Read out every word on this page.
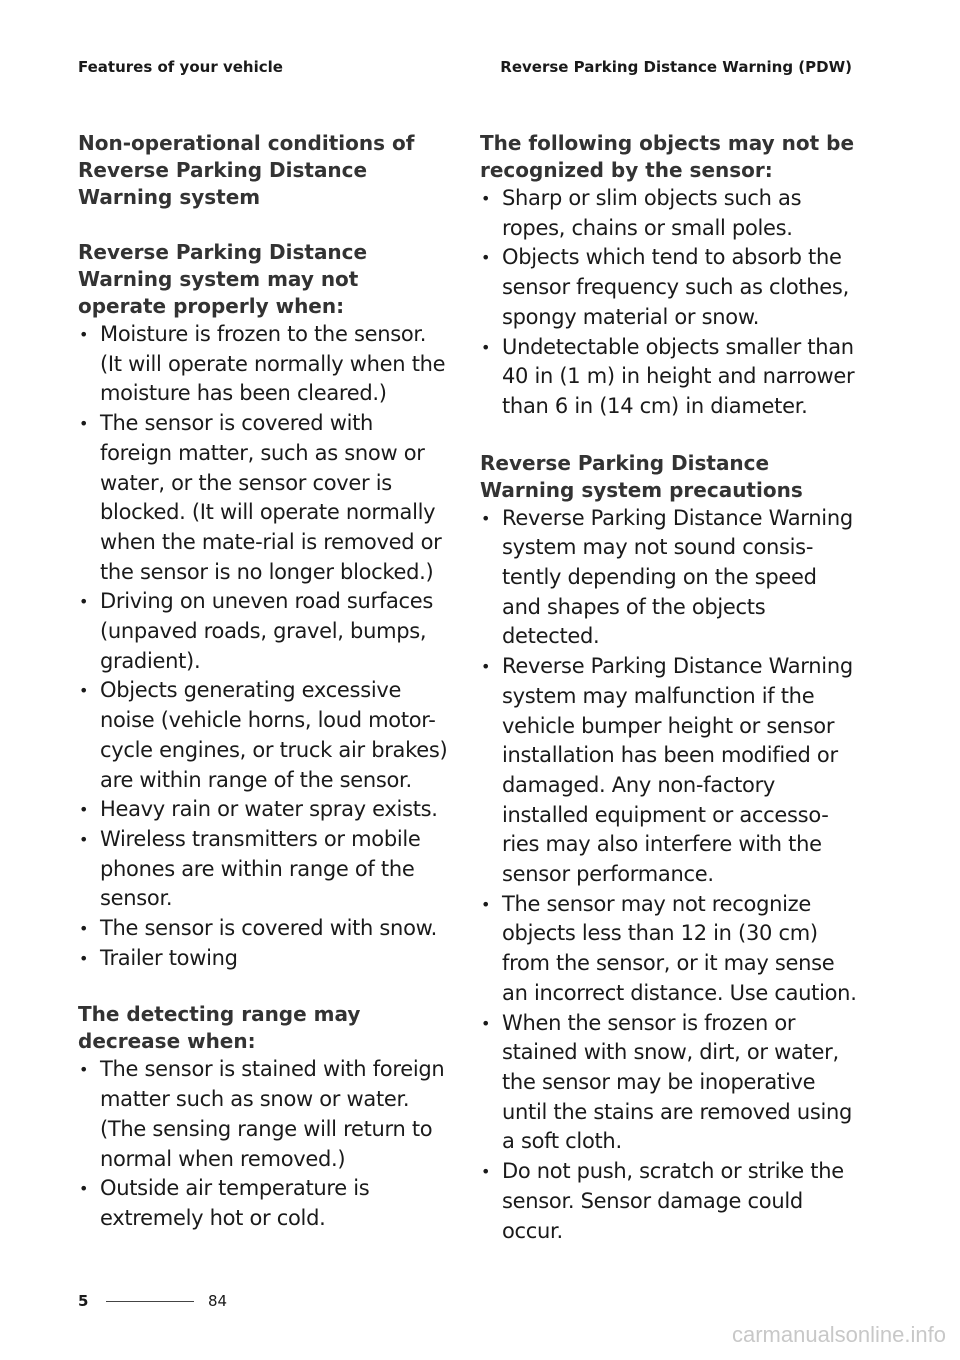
Features of your vehicle	Reverse Parking Distance Warning (PDW)
Non-operational conditions of Reverse Parking Distance Warning system
Reverse Parking Distance Warning system may not operate properly when:
• Moisture is frozen to the sensor. (It will operate normally when the moisture has been cleared.)
• The sensor is covered with foreign matter, such as snow or water, or the sensor cover is blocked. (It will operate normally when the mate-rial is removed or the sensor is no longer blocked.)
• Driving on uneven road surfaces (unpaved roads, gravel, bumps, gradient).
• Objects generating excessive noise (vehicle horns, loud motor-cycle engines, or truck air brakes) are within range of the sensor.
• Heavy rain or water spray exists.
• Wireless transmitters or mobile phones are within range of the sensor.
• The sensor is covered with snow.
• Trailer towing
The detecting range may decrease when:
• The sensor is stained with foreign matter such as snow or water. (The sensing range will return to normal when removed.)
• Outside air temperature is extremely hot or cold.
The following objects may not be recognized by the sensor:
• Sharp or slim objects such as ropes, chains or small poles.
• Objects which tend to absorb the sensor frequency such as clothes, spongy material or snow.
• Undetectable objects smaller than 40 in (1 m) in height and narrower than 6 in (14 cm) in diameter.
Reverse Parking Distance Warning system precautions
• Reverse Parking Distance Warning system may not sound consis-tently depending on the speed and shapes of the objects detected.
• Reverse Parking Distance Warning system may malfunction if the vehicle bumper height or sensor installation has been modified or damaged. Any non-factory installed equipment or accesso-ries may also interfere with the sensor performance.
• The sensor may not recognize objects less than 12 in (30 cm) from the sensor, or it may sense an incorrect distance. Use caution.
• When the sensor is frozen or stained with snow, dirt, or water, the sensor may be inoperative until the stains are removed using a soft cloth.
• Do not push, scratch or strike the sensor. Sensor damage could occur.
5	84
carmanualsonline.info
